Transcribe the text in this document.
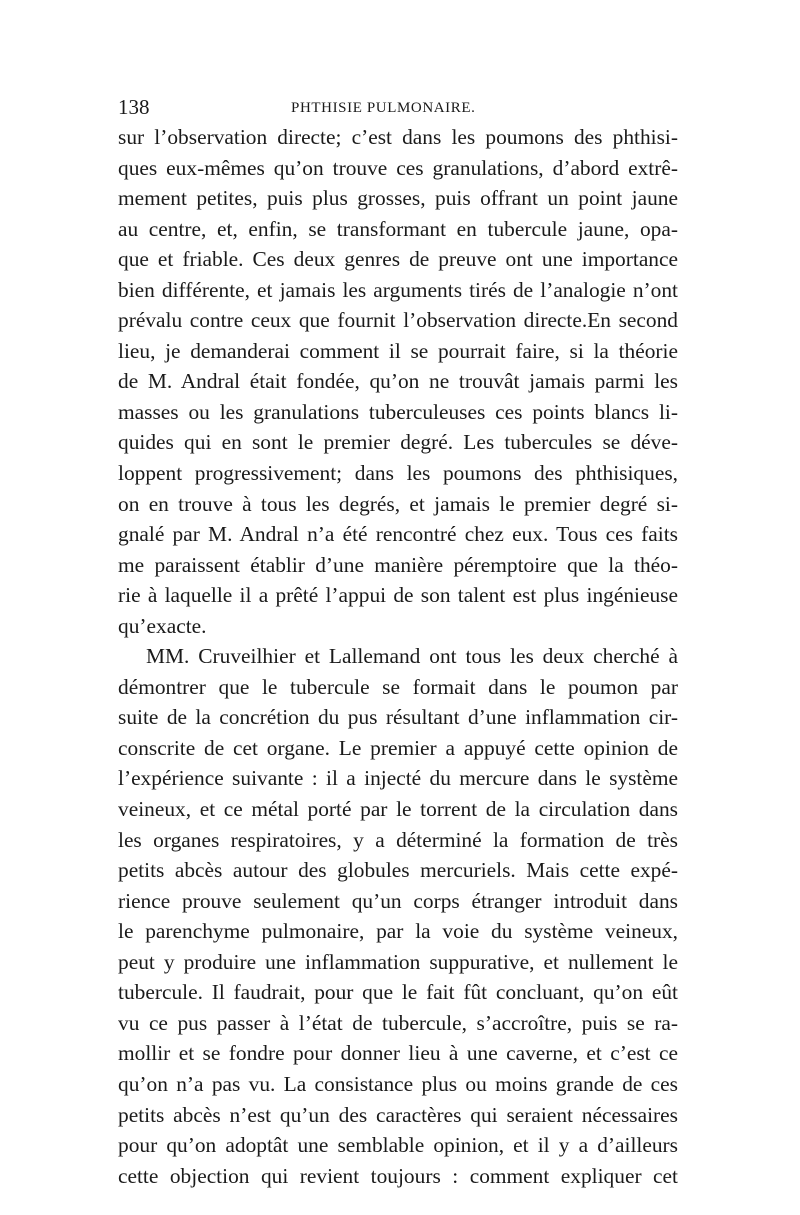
138	PHTHISIE PULMONAIRE.
sur l’observation directe; c’est dans les poumons des phthisi-
ques eux-mêmes qu’on trouve ces granulations, d’abord extrê-
mement petites, puis plus grosses, puis offrant un point jaune
au centre, et, enfin, se transformant en tubercule jaune, opa-
que et friable. Ces deux genres de preuve ont une importance
bien différente, et jamais les arguments tirés de l’analogie n’ont
prévalu contre ceux que fournit l’observation directe.En second
lieu, je demanderai comment il se pourrait faire, si la théorie
de M. Andral était fondée, qu’on ne trouvât jamais parmi les
masses ou les granulations tuberculeuses ces points blancs li-
quides qui en sont le premier degré. Les tubercules se déve-
loppent progressivement; dans les poumons des phthisiques,
on en trouve à tous les degrés, et jamais le premier degré si-
gnalé par M. Andral n’a été rencontré chez eux. Tous ces faits
me paraissent établir d’une manière péremptoire que la théo-
rie à laquelle il a prêté l’appui de son talent est plus ingénieuse
qu’exacte.
MM. Cruveilhier et Lallemand ont tous les deux cherché à
démontrer que le tubercule se formait dans le poumon par
suite de la concrétion du pus résultant d’une inflammation cir-
conscrite de cet organe. Le premier a appuyé cette opinion de
l’expérience suivante : il a injecté du mercure dans le système
veineux, et ce métal porté par le torrent de la circulation dans
les organes respiratoires, y a déterminé la formation de très
petits abcès autour des globules mercuriels. Mais cette expé-
rience prouve seulement qu’un corps étranger introduit dans
le parenchyme pulmonaire, par la voie du système veineux,
peut y produire une inflammation suppurative, et nullement le
tubercule. Il faudrait, pour que le fait fût concluant, qu’on eût
vu ce pus passer à l’état de tubercule, s’accroître, puis se ra-
mollir et se fondre pour donner lieu à une caverne, et c’est ce
qu’on n’a pas vu. La consistance plus ou moins grande de ces
petits abcès n’est qu’un des caractères qui seraient nécessaires
pour qu’on adoptât une semblable opinion, et il y a d’ailleurs
cette objection qui revient toujours : comment expliquer cet
